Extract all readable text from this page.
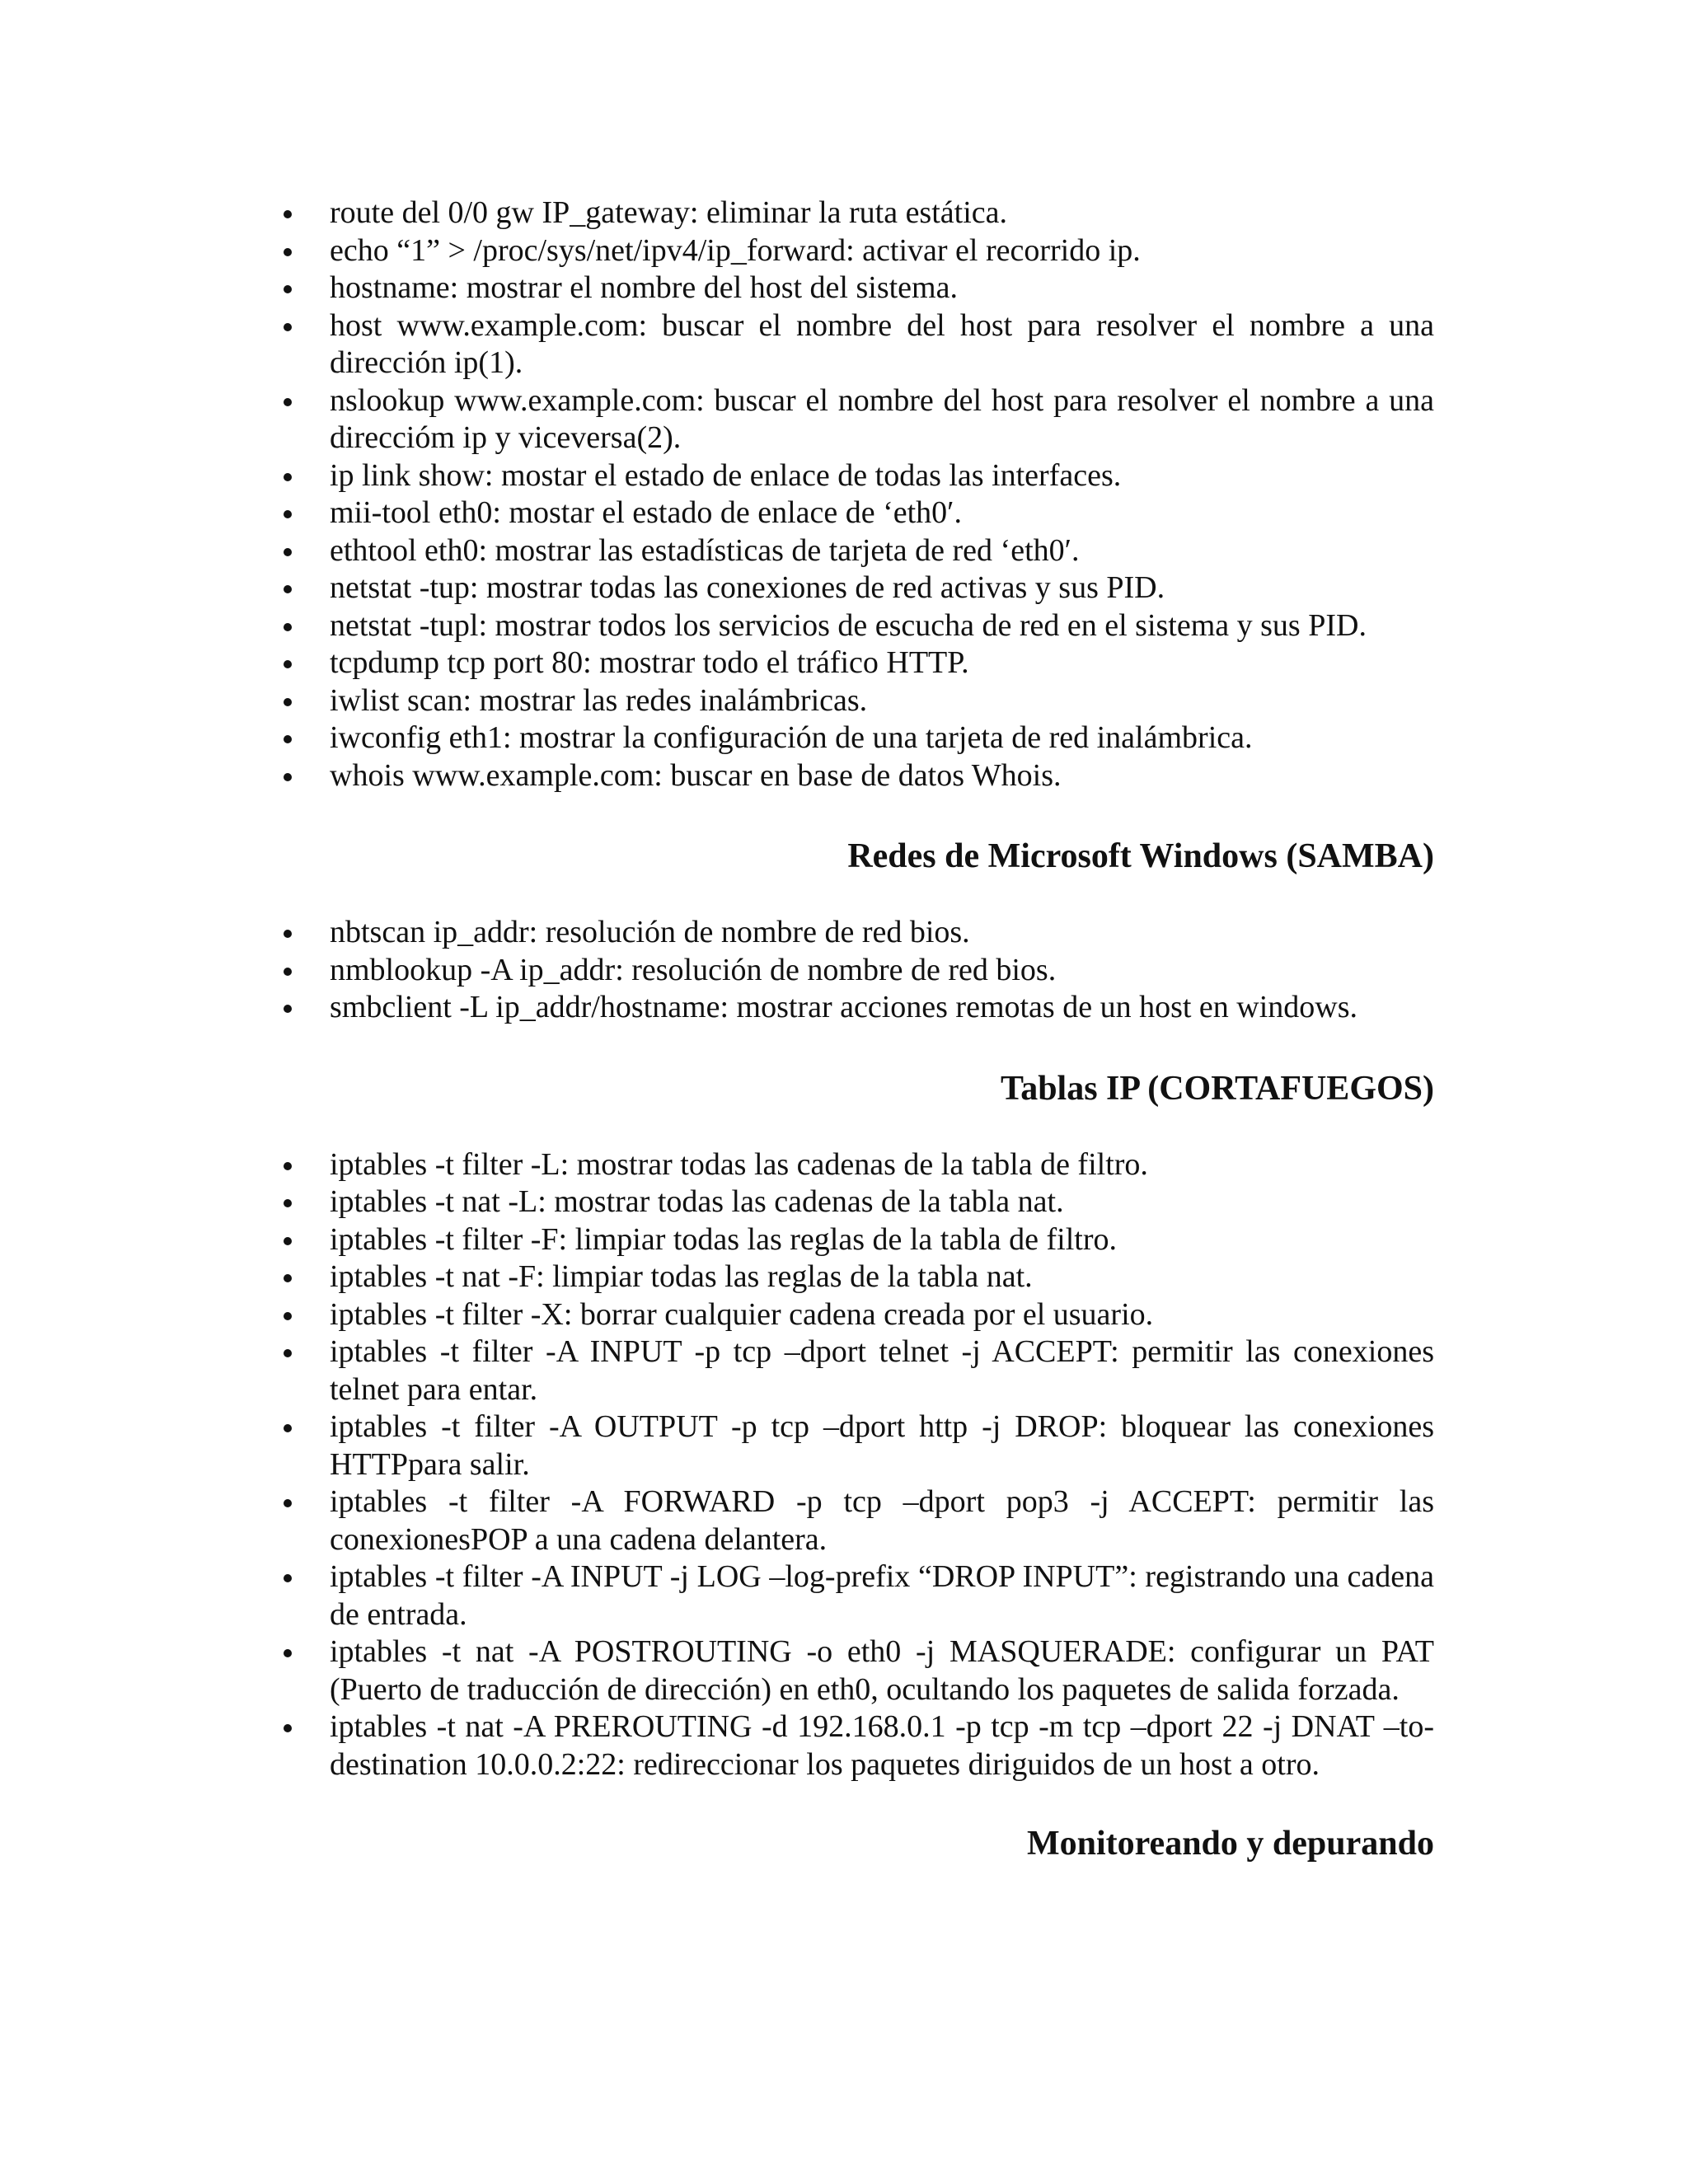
route del 0/0 gw IP_gateway: eliminar la ruta estática.
echo “1” > /proc/sys/net/ipv4/ip_forward: activar el recorrido ip.
hostname: mostrar el nombre del host del sistema.
host www.example.com: buscar el nombre del host para resolver el nombre a una dirección ip(1).
nslookup www.example.com: buscar el nombre del host para resolver el nombre a una direccióm ip y viceversa(2).
ip link show: mostar el estado de enlace de todas las interfaces.
mii-tool eth0: mostar el estado de enlace de ‘eth0′.
ethtool eth0: mostrar las estadísticas de tarjeta de red ‘eth0′.
netstat -tup: mostrar todas las conexiones de red activas y sus PID.
netstat -tupl: mostrar todos los servicios de escucha de red en el sistema y sus PID.
tcpdump tcp port 80: mostrar todo el tráfico HTTP.
iwlist scan: mostrar las redes inalámbricas.
iwconfig eth1: mostrar la configuración de una tarjeta de red inalámbrica.
whois www.example.com: buscar en base de datos Whois.
Redes de Microsoft Windows (SAMBA)
nbtscan ip_addr: resolución de nombre de red bios.
nmblookup -A ip_addr: resolución de nombre de red bios.
smbclient -L ip_addr/hostname: mostrar acciones remotas de un host en windows.
Tablas IP (CORTAFUEGOS)
iptables -t filter -L: mostrar todas las cadenas de la tabla de filtro.
iptables -t nat -L: mostrar todas las cadenas de la tabla nat.
iptables -t filter -F: limpiar todas las reglas de la tabla de filtro.
iptables -t nat -F: limpiar todas las reglas de la tabla nat.
iptables -t filter -X: borrar cualquier cadena creada por el usuario.
iptables -t filter -A INPUT -p tcp –dport telnet -j ACCEPT: permitir las conexiones telnet para entar.
iptables -t filter -A OUTPUT -p tcp –dport http -j DROP: bloquear las conexiones HTTPpara salir.
iptables -t filter -A FORWARD -p tcp –dport pop3 -j ACCEPT: permitir las conexionesPOP a una cadena delantera.
iptables -t filter -A INPUT -j LOG –log-prefix “DROP INPUT”: registrando una cadena de entrada.
iptables -t nat -A POSTROUTING -o eth0 -j MASQUERADE: configurar un PAT (Puerto de traducción de dirección) en eth0, ocultando los paquetes de salida forzada.
iptables -t nat -A PREROUTING -d 192.168.0.1 -p tcp -m tcp –dport 22 -j DNAT –to-destination 10.0.0.2:22: redireccionar los paquetes diriguidos de un host a otro.
Monitoreando y depurando
